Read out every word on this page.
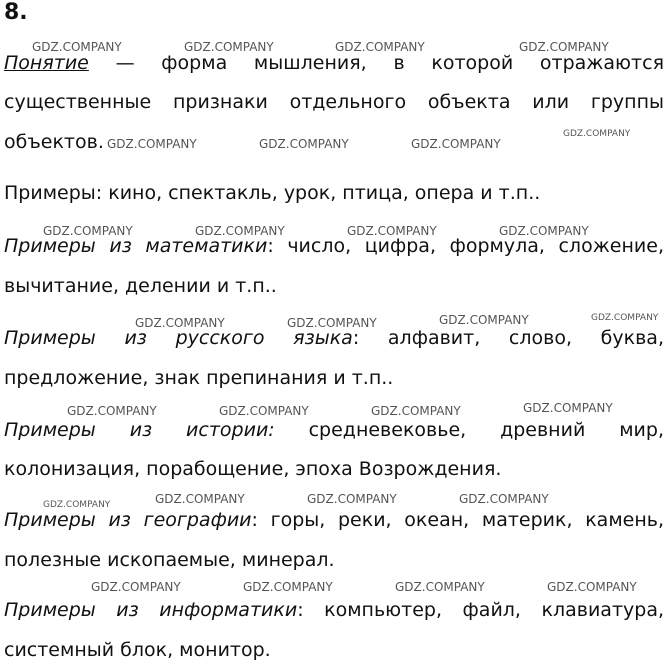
8.
Понятие — форма мышления, в которой отражаются
существенные признаки отдельного объекта или группы
объектов.
Примеры: кино, спектакль, урок, птица, опера и т.п..
Примеры из математики: число, цифра, формула, сложение,
вычитание, делении и т.п..
Примеры из русского языка: алфавит, слово, буква,
предложение, знак препинания и т.п..
Примеры из истории: средневековье, древний мир,
колонизация, порабощение, эпоха Возрождения.
Примеры из географии: горы, реки, океан, материк, камень,
полезные ископаемые, минерал.
Примеры из информатики: компьютер, файл, клавиатура,
системный блок, монитор.
GDZ.COMPANY	GDZ.COMPANY	GDZ.COMPANY	GDZ.COMPANY
GDZ.COMPANY	GDZ.COMPANY	GDZ.COMPANY
GDZ.COMPANY
GDZ.COMPANY	GDZ.COMPANY	GDZ.COMPANY	GDZ.COMPANY
GDZ.COMPANY	GDZ.COMPANY	GDZ.COMPANY	GDZ.COMPANY
GDZ.COMPANY	GDZ.COMPANY	GDZ.COMPANY	GDZ.COMPANY
GDZ.COMPANY	GDZ.COMPANY	GDZ.COMPANY	GDZ.COMPANY
GDZ.COMPANY	GDZ.COMPANY	GDZ.COMPANY	GDZ.COMPANY
